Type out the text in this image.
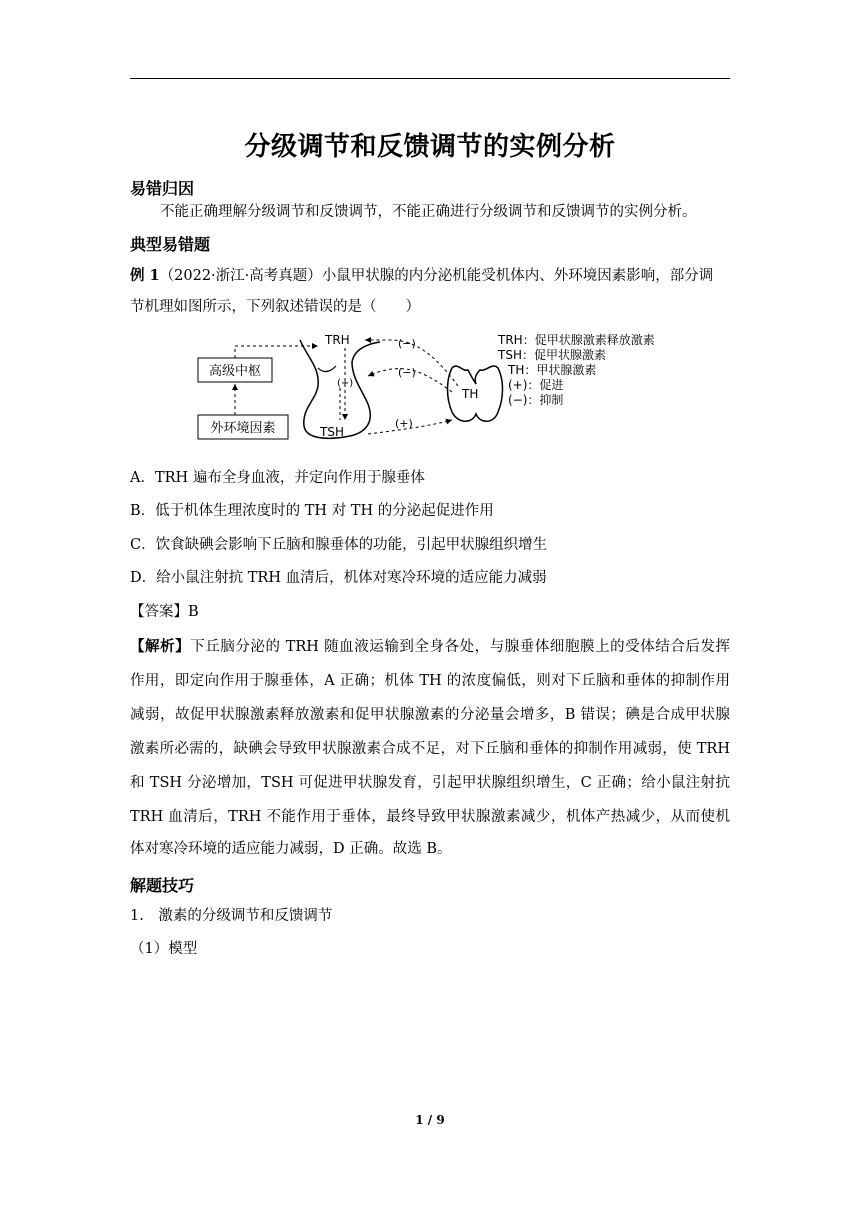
分级调节和反馈调节的实例分析
易错归因
不能正确理解分级调节和反馈调节，不能正确进行分级调节和反馈调节的实例分析。
典型易错题
例 1（2022·浙江·高考真题）小鼠甲状腺的内分泌机能受机体内、外环境因素影响，部分调
节机理如图所示，下列叙述错误的是（　　）
高级中枢
外环境因素
TRH
(+)
TSH
(−)
(−)
(+)
TH
TRH：促甲状腺激素释放激素
TSH：促甲状腺激素
TH：甲状腺激素
(+)：促进
(−)：抑制
A．TRH 遍布全身血液，并定向作用于腺垂体
B．低于机体生理浓度时的 TH 对 TH 的分泌起促进作用
C．饮食缺碘会影响下丘脑和腺垂体的功能，引起甲状腺组织增生
D．给小鼠注射抗 TRH 血清后，机体对寒冷环境的适应能力减弱
【答案】B
【解析】下丘脑分泌的 TRH 随血液运输到全身各处，与腺垂体细胞膜上的受体结合后发挥
作用，即定向作用于腺垂体，A 正确；机体 TH 的浓度偏低，则对下丘脑和垂体的抑制作用
减弱，故促甲状腺激素释放激素和促甲状腺激素的分泌量会增多，B 错误；碘是合成甲状腺
激素所必需的，缺碘会导致甲状腺激素合成不足，对下丘脑和垂体的抑制作用减弱，使 TRH
和 TSH 分泌增加，TSH 可促进甲状腺发育，引起甲状腺组织增生，C 正确；给小鼠注射抗
TRH 血清后，TRH 不能作用于垂体，最终导致甲状腺激素减少，机体产热减少，从而使机
体对寒冷环境的适应能力减弱，D 正确。故选 B。
解题技巧
1.　激素的分级调节和反馈调节
（1）模型
1 / 9
